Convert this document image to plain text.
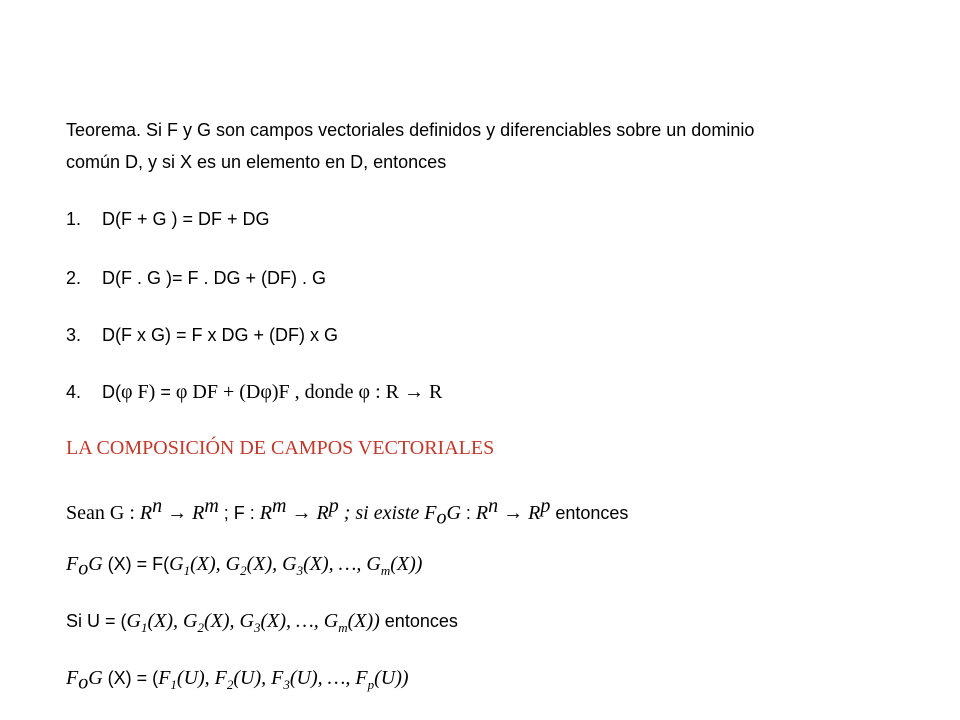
Teorema. Si F y G son campos vectoriales definidos y diferenciables sobre un dominio
común D, y si X es un elemento en D, entonces
1. D(F + G ) = DF + DG
2. D(F . G )= F . DG + (DF) . G
3. D(F x G) = F x DG + (DF) x G
4. D(φ F) = φ DF + (Dφ)F , donde φ : R → R
LA COMPOSICIÓN DE CAMPOS VECTORIALES
Sean G : $R^n \to R^m$ ; F : $R^m \to R^p$ ; si existe $F_oG$ : $R^n \to R^p$ entonces
$F_oG$ $(X) = F(G_1(X)$, $G_2(X)$, $G_3(X)$, …, $G_m(X)$)
Si $U = (G_1(X)$, $G_2(X)$, $G_3(X)$, …, $G_m(X)$) entonces
$F_oG$ $(X) = (F_1(U)$, $F_2(U)$, $F_3(U)$, …, $F_p(U)$)
